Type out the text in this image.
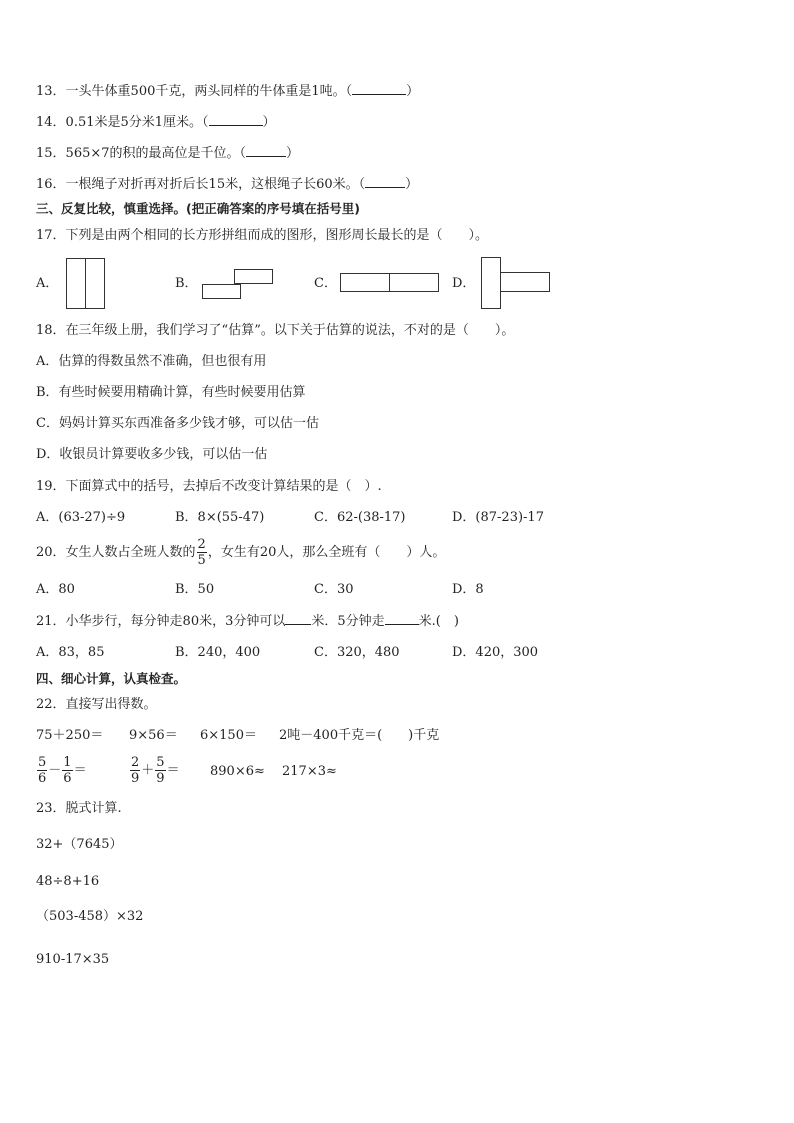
13．一头牛体重500千克，两头同样的牛体重是1吨。（	）
14．0.51米是5分米1厘米。（	）
15．565×7的积的最高位是千位。（	）
16．一根绳子对折再对折后长15米，这根绳子长60米。（	）
三、反复比较，慎重选择。(把正确答案的序号填在括号里)
17．下列是由两个相同的长方形拼组而成的图形，图形周长最长的是（　　）。
A．	B．	C．	D．
18．在三年级上册，我们学习了“估算”。以下关于估算的说法，不对的是（　　）。
A．估算的得数虽然不准确，但也很有用
B．有些时候要用精确计算，有些时候要用估算
C．妈妈计算买东西准备多少钱才够，可以估一估
D．收银员计算要收多少钱，可以估一估
19．下面算式中的括号，去掉后不改变计算结果的是（　）.
A．(63-27)÷9	B．8×(55-47)	C．62-(38-17)	D．(87-23)-17
20．女生人数占全班人数的 $\frac{2}{5}$ ，女生有20人，那么全班有（　　）人。
A．80	B．50	C．30	D．8
21．小华步行，每分钟走80米，3分钟可以 米．5分钟走	米.(　)
A．83，85	B．240，400	C．320，480	D．420，300
四、细心计算，认真检查。
22．直接写出得数。
75＋250＝ 9×56＝ 6×150＝ 2吨－400千克＝(　　)千克
$\frac{5}{6} - \frac{1}{6}$ ＝	$\frac{2}{9} + \frac{5}{9} = 890\times 6\approx 217\times 3\approx$
23．脱式计算.
32+（7645）
48÷8+16
（503-458）×32
910-17×35
